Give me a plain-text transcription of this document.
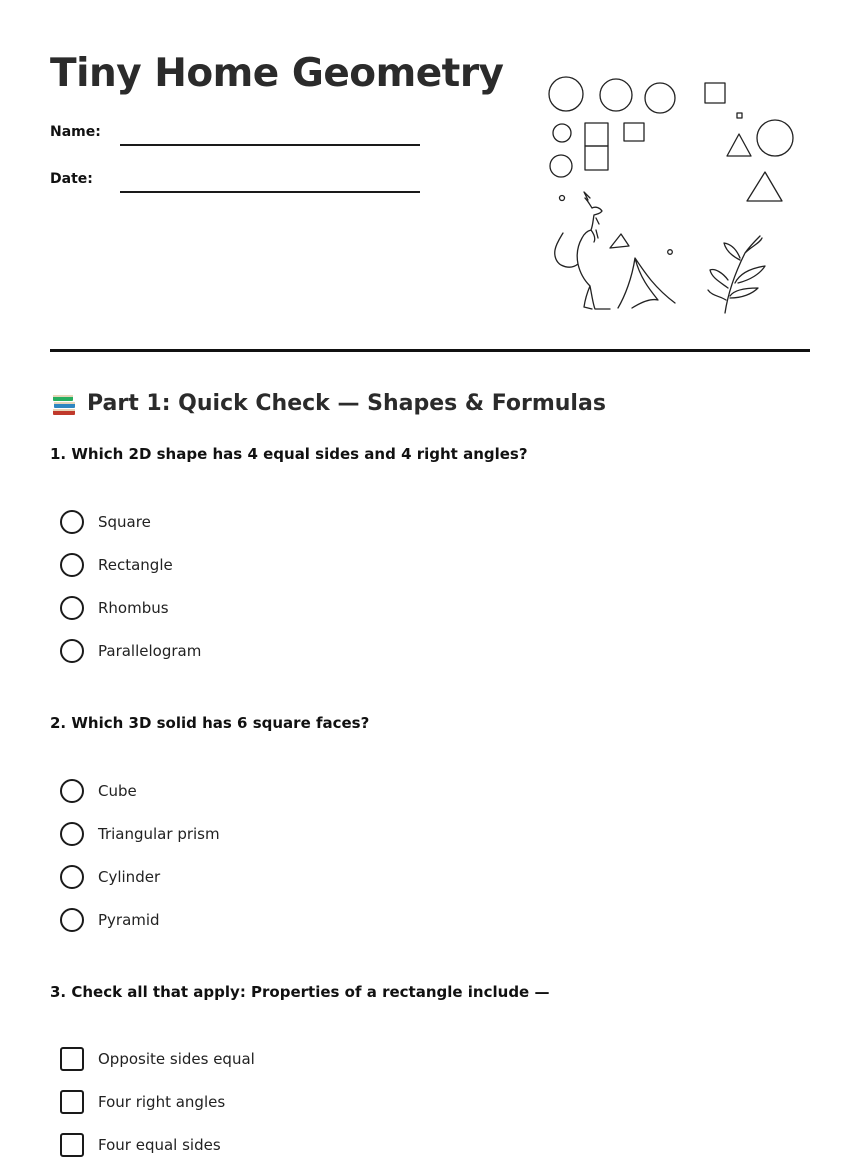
Tiny Home Geometry
Name:
Date:
Part 1: Quick Check — Shapes & Formulas

1. Which 2D shape has 4 equal sides and 4 right angles?

Square
Rectangle
Rhombus
Parallelogram

2. Which 3D solid has 6 square faces?

Cube
Triangular prism
Cylinder
Pyramid

3. Check all that apply: Properties of a rectangle include —

Opposite sides equal
Four right angles
Four equal sides
